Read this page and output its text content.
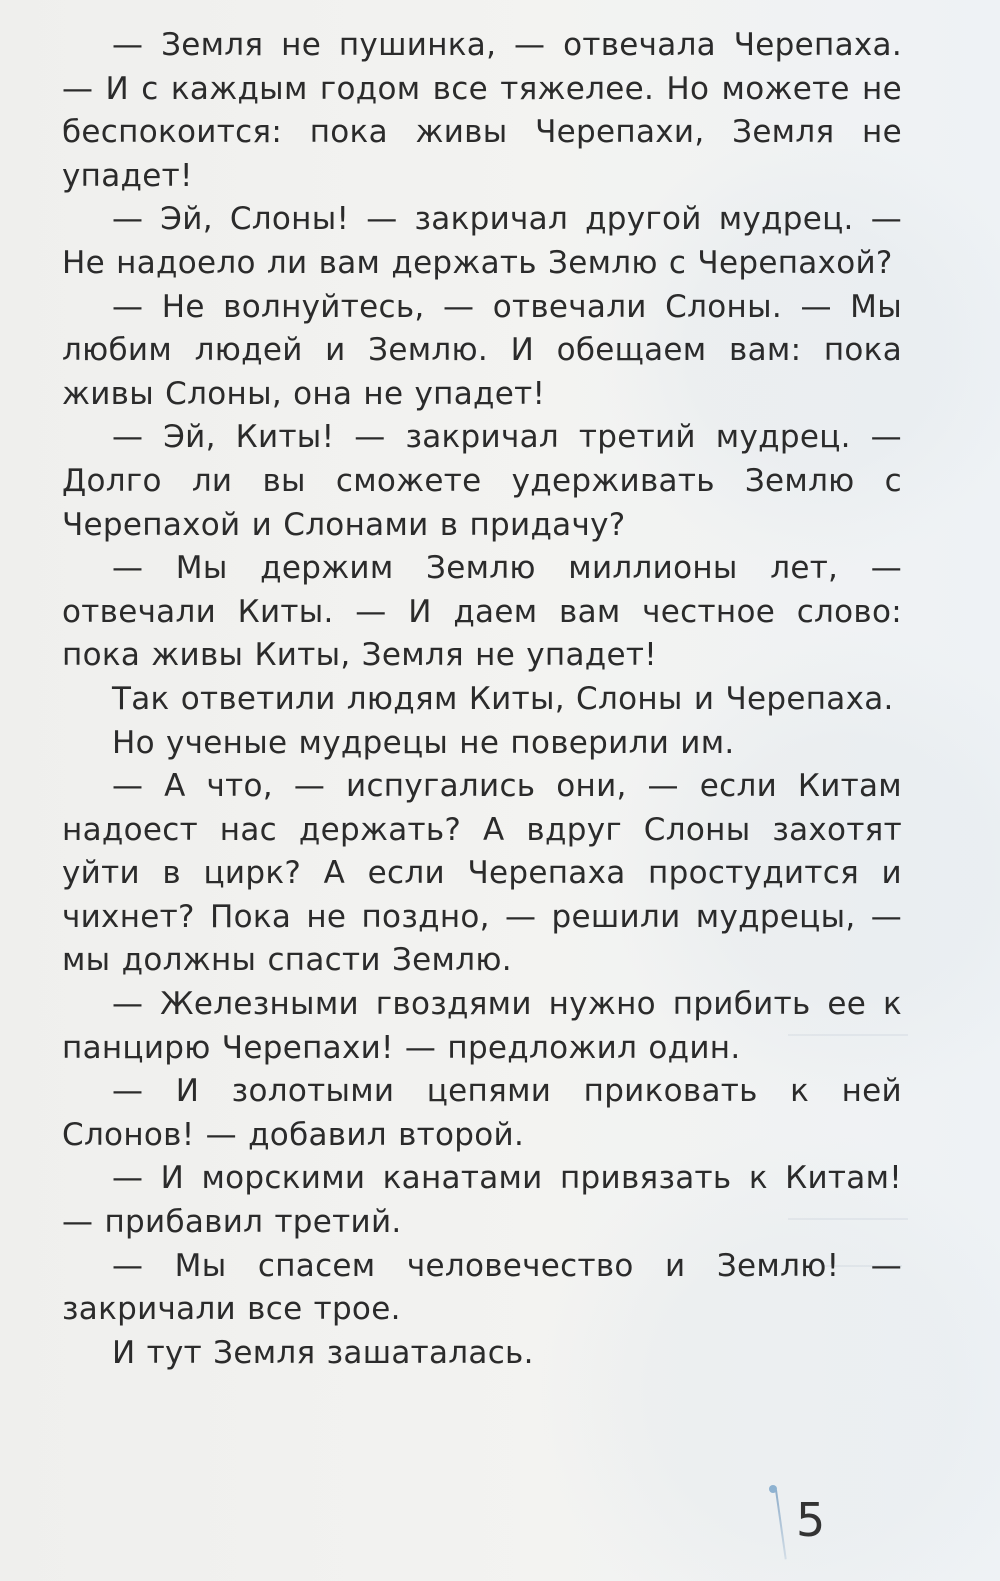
— Земля не пушинка, — отвечала Черепаха. — И с каждым годом все тяжелее. Но можете не беспокоится: пока живы Черепахи, Земля не упадет!

— Эй, Слоны! — закричал другой мудрец. — Не надоело ли вам держать Землю с Черепахой?

— Не волнуйтесь, — отвечали Слоны. — Мы любим людей и Землю. И обещаем вам: пока живы Слоны, она не упадет!

— Эй, Киты! — закричал третий мудрец. — Долго ли вы сможете удерживать Землю с Черепахой и Слонами в придачу?

— Мы держим Землю миллионы лет, — отвечали Киты. — И даем вам честное слово: пока живы Киты, Земля не упадет!

Так ответили людям Киты, Слоны и Черепаха.

Но ученые мудрецы не поверили им.

— А что, — испугались они, — если Китам надоест нас держать? А вдруг Слоны захотят уйти в цирк? А если Черепаха простудится и чихнет? Пока не поздно, — решили мудрецы, — мы должны спасти Землю.

— Железными гвоздями нужно прибить ее к панцирю Черепахи! — предложил один.

— И золотыми цепями приковать к ней Слонов! — добавил второй.

— И морскими канатами привязать к Китам! — прибавил третий.

— Мы спасем человечество и Землю! — закричали все трое.

И тут Земля зашаталась.

5
